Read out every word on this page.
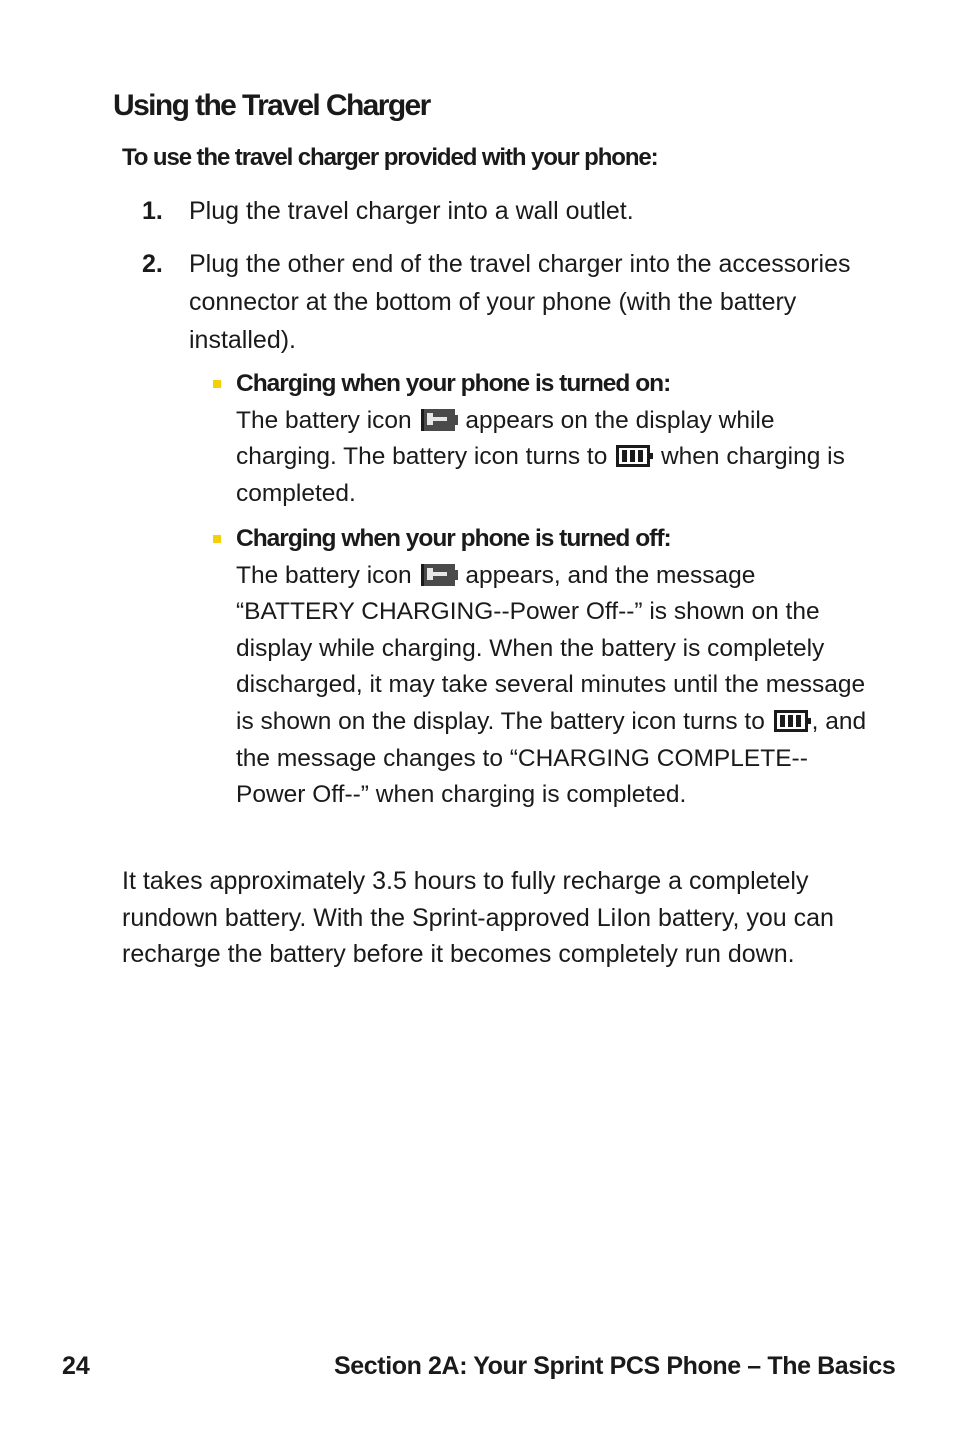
Using the Travel Charger

To use the travel charger provided with your phone:

1. Plug the travel charger into a wall outlet.
2. Plug the other end of the travel charger into the accessories connector at the bottom of your phone (with the battery installed).
Charging when your phone is turned on:
The battery icon appears on the display while charging. The battery icon turns to when charging is completed.
Charging when your phone is turned off:
The battery icon appears, and the message “BATTERY CHARGING--Power Off--” is shown on the display while charging. When the battery is completely discharged, it may take several minutes until the message is shown on the display. The battery icon turns to , and the message changes to “CHARGING COMPLETE--Power Off--” when charging is completed.

It takes approximately 3.5 hours to fully recharge a completely rundown battery. With the Sprint-approved LiIon battery, you can recharge the battery before it becomes completely run down.

24	Section 2A: Your Sprint PCS Phone – The Basics
